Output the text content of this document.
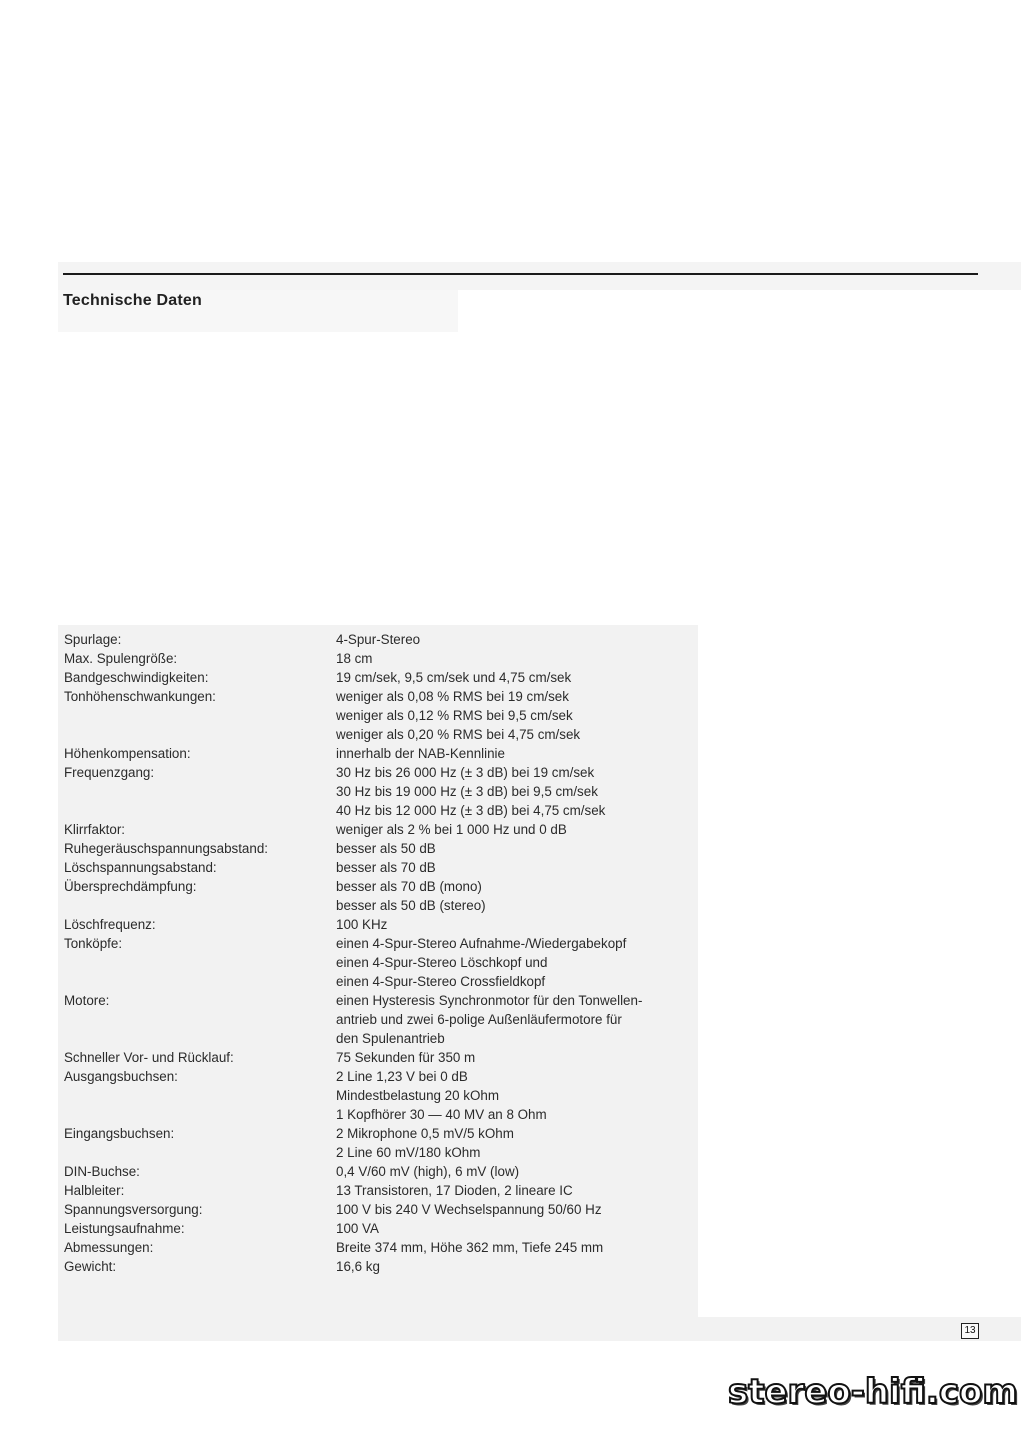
Technische Daten
Spurlage:	4-Spur-Stereo
Max. Spulengröße:	18 cm
Bandgeschwindigkeiten:	19 cm/sek, 9,5 cm/sek und 4,75 cm/sek
Tonhöhenschwankungen:	weniger als 0,08 % RMS bei 19 cm/sek
weniger als 0,12 % RMS bei 9,5 cm/sek
weniger als 0,20 % RMS bei 4,75 cm/sek
Höhenkompensation:	innerhalb der NAB-Kennlinie
Frequenzgang:	30 Hz bis 26 000 Hz (± 3 dB) bei 19 cm/sek
30 Hz bis 19 000 Hz (± 3 dB) bei 9,5 cm/sek
40 Hz bis 12 000 Hz (± 3 dB) bei 4,75 cm/sek
Klirrfaktor:	weniger als 2 % bei 1 000 Hz und 0 dB
Ruhegeräuschspannungsabstand:	besser als 50 dB
Löschspannungsabstand:	besser als 70 dB
Übersprechdämpfung:	besser als 70 dB (mono)
besser als 50 dB (stereo)
Löschfrequenz:	100 KHz
Tonköpfe:	einen 4-Spur-Stereo Aufnahme-/Wiedergabekopf
einen 4-Spur-Stereo Löschkopf und
einen 4-Spur-Stereo Crossfieldkopf
Motore:	einen Hysteresis Synchronmotor für den Tonwellen-
antrieb und zwei 6-polige Außenläufermotore für
den Spulenantrieb
Schneller Vor- und Rücklauf:	75 Sekunden für 350 m
Ausgangsbuchsen:	2 Line 1,23 V bei 0 dB
Mindestbelastung 20 kOhm
1 Kopfhörer 30 — 40 MV an 8 Ohm
Eingangsbuchsen:	2 Mikrophone 0,5 mV/5 kOhm
2 Line 60 mV/180 kOhm
DIN-Buchse:	0,4 V/60 mV (high), 6 mV (low)
Halbleiter:	13 Transistoren, 17 Dioden, 2 lineare IC
Spannungsversorgung:	100 V bis 240 V Wechselspannung 50/60 Hz
Leistungsaufnahme:	100 VA
Abmessungen:	Breite 374 mm, Höhe 362 mm, Tiefe 245 mm
Gewicht:	16,6 kg
13
stereo-hifi.com
